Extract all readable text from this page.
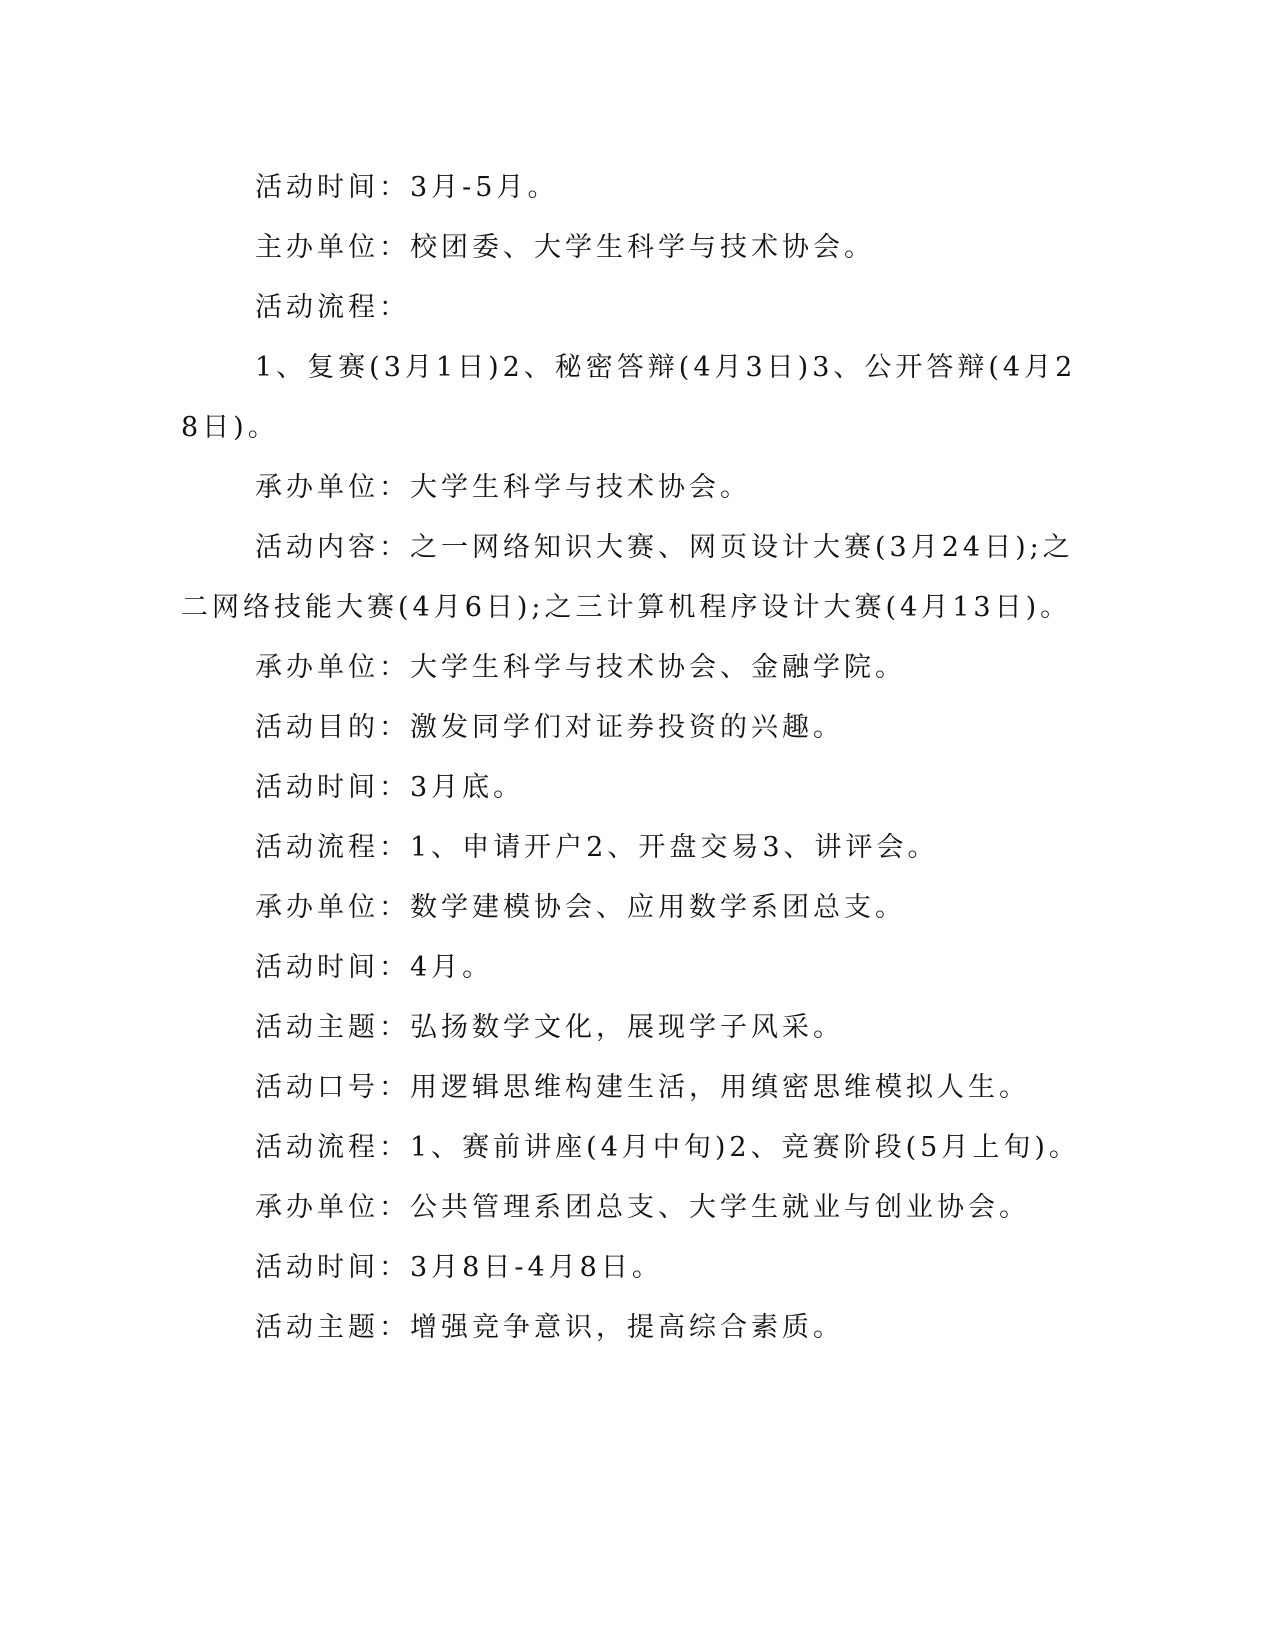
活动时间：3月-5月。

主办单位：校团委、大学生科学与技术协会。

活动流程：

1、复赛(3月1日)2、秘密答辩(4月3日)3、公开答辩(4月28日)。

承办单位：大学生科学与技术协会。

活动内容：之一网络知识大赛、网页设计大赛(3月24日);之二网络技能大赛(4月6日);之三计算机程序设计大赛(4月13日)。

承办单位：大学生科学与技术协会、金融学院。

活动目的：激发同学们对证券投资的兴趣。

活动时间：3月底。

活动流程：1、申请开户2、开盘交易3、讲评会。

承办单位：数学建模协会、应用数学系团总支。

活动时间：4月。

活动主题：弘扬数学文化，展现学子风采。

活动口号：用逻辑思维构建生活，用缜密思维模拟人生。

活动流程：1、赛前讲座(4月中旬)2、竞赛阶段(5月上旬)。

承办单位：公共管理系团总支、大学生就业与创业协会。

活动时间：3月8日-4月8日。

活动主题：增强竞争意识，提高综合素质。
